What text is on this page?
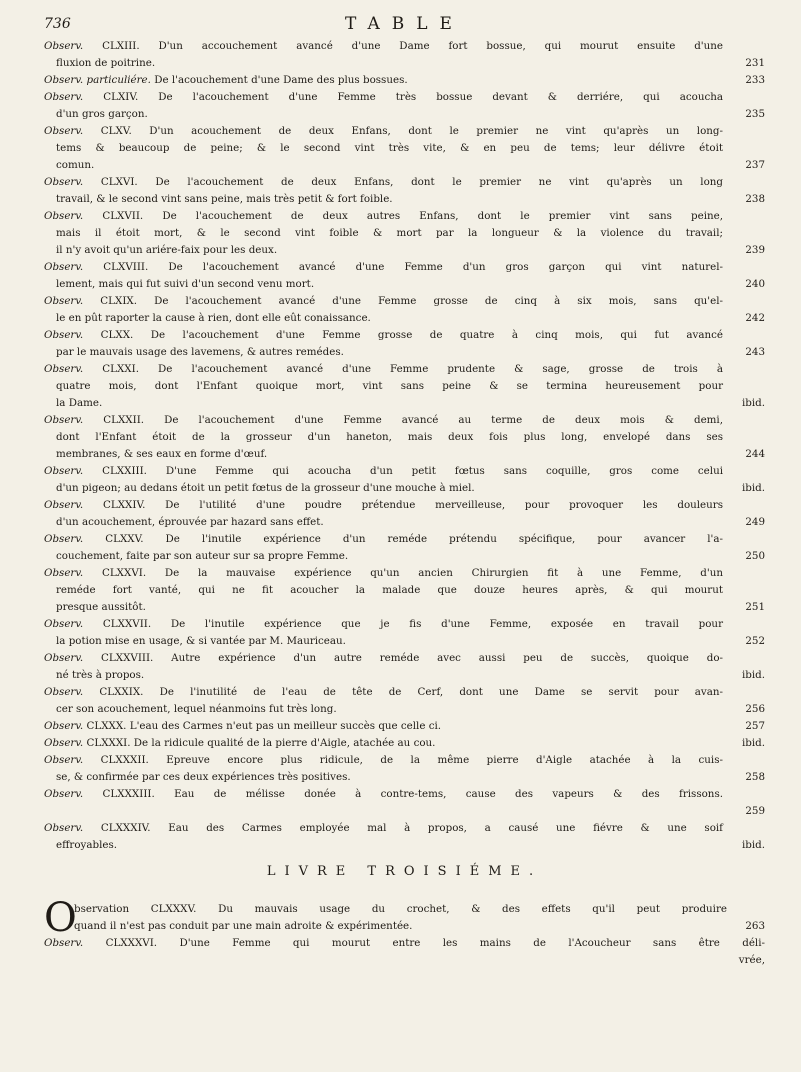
736	TABLE
Observ. CLXIII. D'un accouchement avancé d'une Dame fort bossue, qui mourut ensuite d'une
fluxion de poitrine.	231
Observ. particuliére. De l'acouchement d'une Dame des plus bossues.	233
Observ. CLXIV. De l'acouchement d'une Femme très bossue devant & derriére, qui acoucha
d'un gros garçon.	235
Observ. CLXV. D'un acouchement de deux Enfans, dont le premier ne vint qu'après un long-
tems & beaucoup de peine; & le second vint très vite, & en peu de tems; leur délivre étoit
comun.	237
Observ. CLXVI. De l'acouchement de deux Enfans, dont le premier ne vint qu'après un long
travail, & le second vint sans peine, mais très petit & fort foible.	238
Observ. CLXVII. De l'acouchement de deux autres Enfans, dont le premier vint sans peine,
mais il étoit mort, & le second vint foible & mort par la longueur & la violence du travail;
il n'y avoit qu'un ariére-faix pour les deux.	239
Observ. CLXVIII. De l'acouchement avancé d'une Femme d'un gros garçon qui vint naturel-
lement, mais qui fut suivi d'un second venu mort.	240
Observ. CLXIX. De l'acouchement avancé d'une Femme grosse de cinq à six mois, sans qu'el-
le en pût raporter la cause à rien, dont elle eût conaissance.	242
Observ. CLXX. De l'acouchement d'une Femme grosse de quatre à cinq mois, qui fut avancé
par le mauvais usage des lavemens, & autres remédes.	243
Observ. CLXXI. De l'acouchement avancé d'une Femme prudente & sage, grosse de trois à
quatre mois, dont l'Enfant quoique mort, vint sans peine & se termina heureusement pour
la Dame.	ibid.
Observ. CLXXII. De l'acouchement d'une Femme avancé au terme de deux mois & demi,
dont l'Enfant étoit de la grosseur d'un haneton, mais deux fois plus long, envelopé dans ses
membranes, & ses eaux en forme d'œuf.	244
Observ. CLXXIII. D'une Femme qui acoucha d'un petit fœtus sans coquille, gros come celui
d'un pigeon; au dedans étoit un petit fœtus de la grosseur d'une mouche à miel.	ibid.
Observ. CLXXIV. De l'utilité d'une poudre prétendue merveilleuse, pour provoquer les douleurs
d'un acouchement, éprouvée par hazard sans effet.	249
Observ. CLXXV. De l'inutile expérience d'un reméde prétendu spécifique, pour avancer l'a-
couchement, faite par son auteur sur sa propre Femme.	250
Observ. CLXXVI. De la mauvaise expérience qu'un ancien Chirurgien fit à une Femme, d'un
reméde fort vanté, qui ne fit acoucher la malade que douze heures après, & qui mourut
presque aussitôt.	251
Observ. CLXXVII. De l'inutile expérience que je fis d'une Femme, exposée en travail pour
la potion mise en usage, & si vantée par M. Mauriceau.	252
Observ. CLXXVIII. Autre expérience d'un autre reméde avec aussi peu de succès, quoique do-
né très à propos.	ibid.
Observ. CLXXIX. De l'inutilité de l'eau de tête de Cerf, dont une Dame se servit pour avan-
cer son acouchement, lequel néanmoins fut très long.	256
Observ. CLXXX. L'eau des Carmes n'eut pas un meilleur succès que celle ci.	257
Observ. CLXXXI. De la ridicule qualité de la pierre d'Aigle, atachée au cou.	ibid.
Observ. CLXXXII. Epreuve encore plus ridicule, de la même pierre d'Aigle atachée à la cuis-
se, & confirmée par ces deux expériences très positives.	258
Observ. CLXXXIII. Eau de mélisse donée à contre-tems, cause des vapeurs & des frissons.
259
Observ. CLXXXIV. Eau des Carmes employée mal à propos, a causé une fiévre & une soif
effroyables.	ibid.
LIVRE TROISIÉME.
O
bservation CLXXXV. Du mauvais usage du crochet, & des effets qu'il peut produire
quand il n'est pas conduit par une main adroite & expérimentée.	263
Observ. CLXXXVI. D'une Femme qui mourut entre les mains de l'Acoucheur sans être déli-
vrée,
